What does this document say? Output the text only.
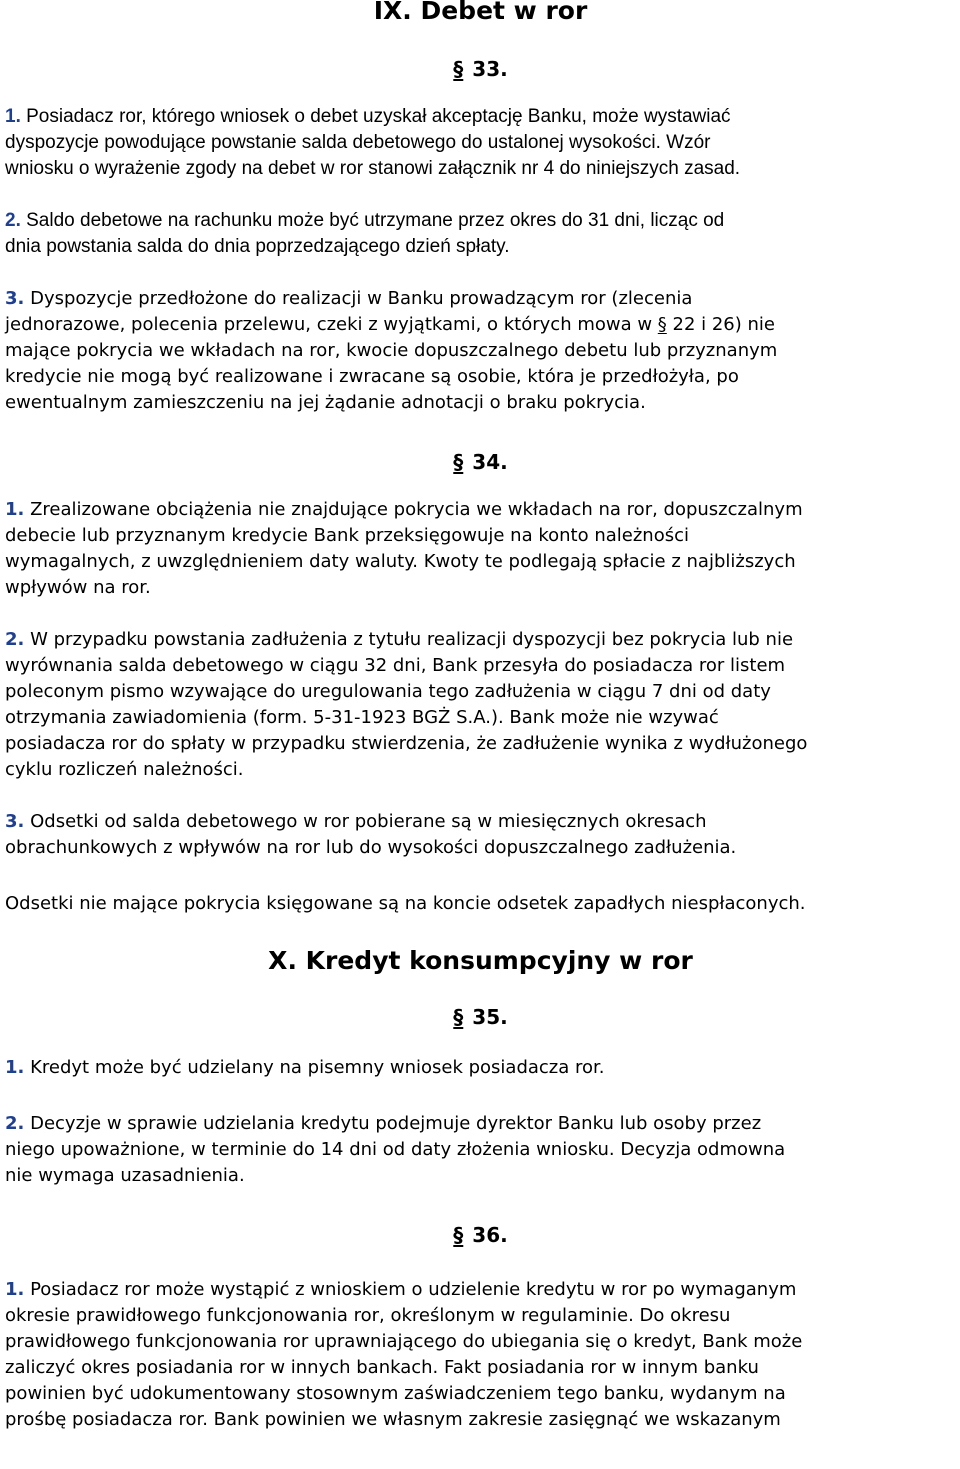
IX. Debet w ror
§ 33.

1. Posiadacz ror, którego wniosek o debet uzyskał akceptację Banku, może wystawiać
dyspozycje powodujące powstanie salda debetowego do ustalonej wysokości. Wzór
wniosku o wyrażenie zgody na debet w ror stanowi załącznik nr 4 do niniejszych zasad.

2. Saldo debetowe na rachunku może być utrzymane przez okres do 31 dni, licząc od
dnia powstania salda do dnia poprzedzającego dzień spłaty.

3. Dyspozycje przedłożone do realizacji w Banku prowadzącym ror (zlecenia
jednorazowe, polecenia przelewu, czeki z wyjątkami, o których mowa w § 22 i 26) nie
mające pokrycia we wkładach na ror, kwocie dopuszczalnego debetu lub przyznanym
kredycie nie mogą być realizowane i zwracane są osobie, która je przedłożyła, po
ewentualnym zamieszczeniu na jej żądanie adnotacji o braku pokrycia.

§ 34.

1. Zrealizowane obciążenia nie znajdujące pokrycia we wkładach na ror, dopuszczalnym
debecie lub przyznanym kredycie Bank przeksięgowuje na konto należności
wymagalnych, z uwzględnieniem daty waluty. Kwoty te podlegają spłacie z najbliższych
wpływów na ror.

2. W przypadku powstania zadłużenia z tytułu realizacji dyspozycji bez pokrycia lub nie
wyrównania salda debetowego w ciągu 32 dni, Bank przesyła do posiadacza ror listem
poleconym pismo wzywające do uregulowania tego zadłużenia w ciągu 7 dni od daty
otrzymania zawiadomienia (form. 5-31-1923 BGŻ S.A.). Bank może nie wzywać
posiadacza ror do spłaty w przypadku stwierdzenia, że zadłużenie wynika z wydłużonego
cyklu rozliczeń należności.

3. Odsetki od salda debetowego w ror pobierane są w miesięcznych okresach
obrachunkowych z wpływów na ror lub do wysokości dopuszczalnego zadłużenia.

Odsetki nie mające pokrycia księgowane są na koncie odsetek zapadłych niespłaconych.

X. Kredyt konsumpcyjny w ror
§ 35.

1. Kredyt może być udzielany na pisemny wniosek posiadacza ror.

2. Decyzje w sprawie udzielania kredytu podejmuje dyrektor Banku lub osoby przez
niego upoważnione, w terminie do 14 dni od daty złożenia wniosku. Decyzja odmowna
nie wymaga uzasadnienia.

§ 36.

1. Posiadacz ror może wystąpić z wnioskiem o udzielenie kredytu w ror po wymaganym
okresie prawidłowego funkcjonowania ror, określonym w regulaminie. Do okresu
prawidłowego funkcjonowania ror uprawniającego do ubiegania się o kredyt, Bank może
zaliczyć okres posiadania ror w innych bankach. Fakt posiadania ror w innym banku
powinien być udokumentowany stosownym zaświadczeniem tego banku, wydanym na
prośbę posiadacza ror. Bank powinien we własnym zakresie zasięgnąć we wskazanym
